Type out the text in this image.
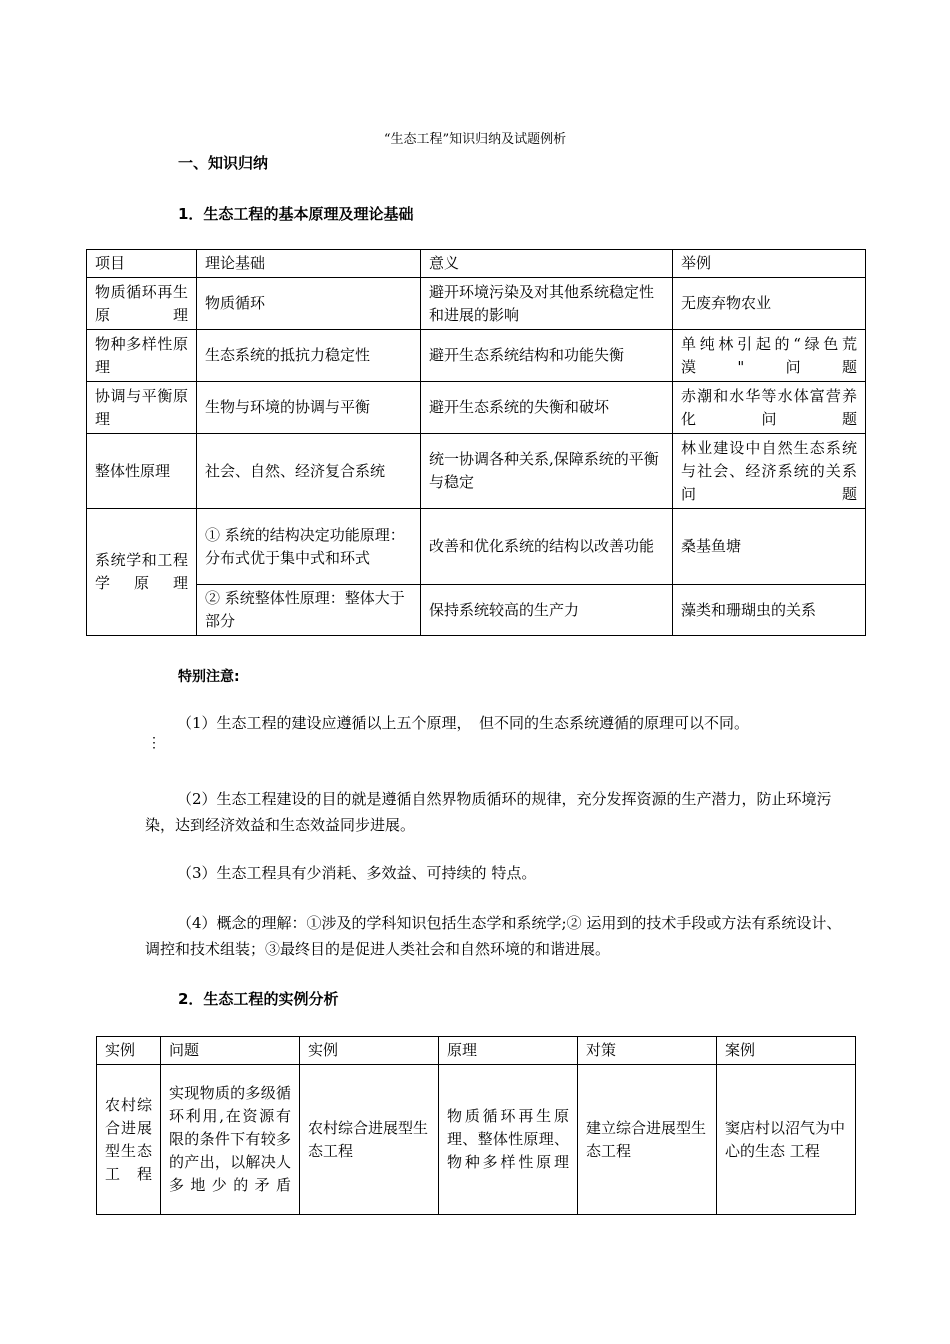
“生态工程”知识归纳及试题例析
一、知识归纳
1．生态工程的基本原理及理论基础
项目	理论基础	意义	举例
物质循环再生原理	物质循环	避开环境污染及对其他系统稳定性和进展的影响	无废弃物农业
物种多样性原理	生态系统的抵抗力稳定性	避开生态系统结构和功能失衡	单纯林引起的“绿色荒漠"问题
协调与平衡原理	生物与环境的协调与平衡	避开生态系统的失衡和破坏	赤潮和水华等水体富营养化问题
整体性原理	社会、自然、经济复合系统	统一协调各种关系,保障系统的平衡与稳定	林业建设中自然生态系统与社会、经济系统的关系问题
系统学和工程学原理	① 系统的结构决定功能原理：分布式优于集中式和环式	改善和优化系统的结构以改善功能	桑基鱼塘
	② 系统整体性原理：整体大于部分	保持系统较高的生产力	藻类和珊瑚虫的关系
特别注意:
（1）生态工程的建设应遵循以上五个原理，　但不同的生态系统遵循的原理可以不同。
⋮
（2）生态工程建设的目的就是遵循自然界物质循环的规律，充分发挥资源的生产潜力，防止环境污染，达到经济效益和生态效益同步进展。
（3）生态工程具有少消耗、多效益、可持续的 特点。
（4）概念的理解：①涉及的学科知识包括生态学和系统学;② 运用到的技术手段或方法有系统设计、调控和技术组装；③最终目的是促进人类社会和自然环境的和谐进展。
2．生态工程的实例分析
实例	问题	实例	原理	对策	案例
农村综合进展型生态工程	实现物质的多级循环利用,在资源有限的条件下有较多的产出，以解决人多地少的矛盾	农村综合进展型生态工程	物质循环再生原理、整体性原理、物种多样性原理	建立综合进展型生态工程	窦店村以沼气为中心的生态 工程
